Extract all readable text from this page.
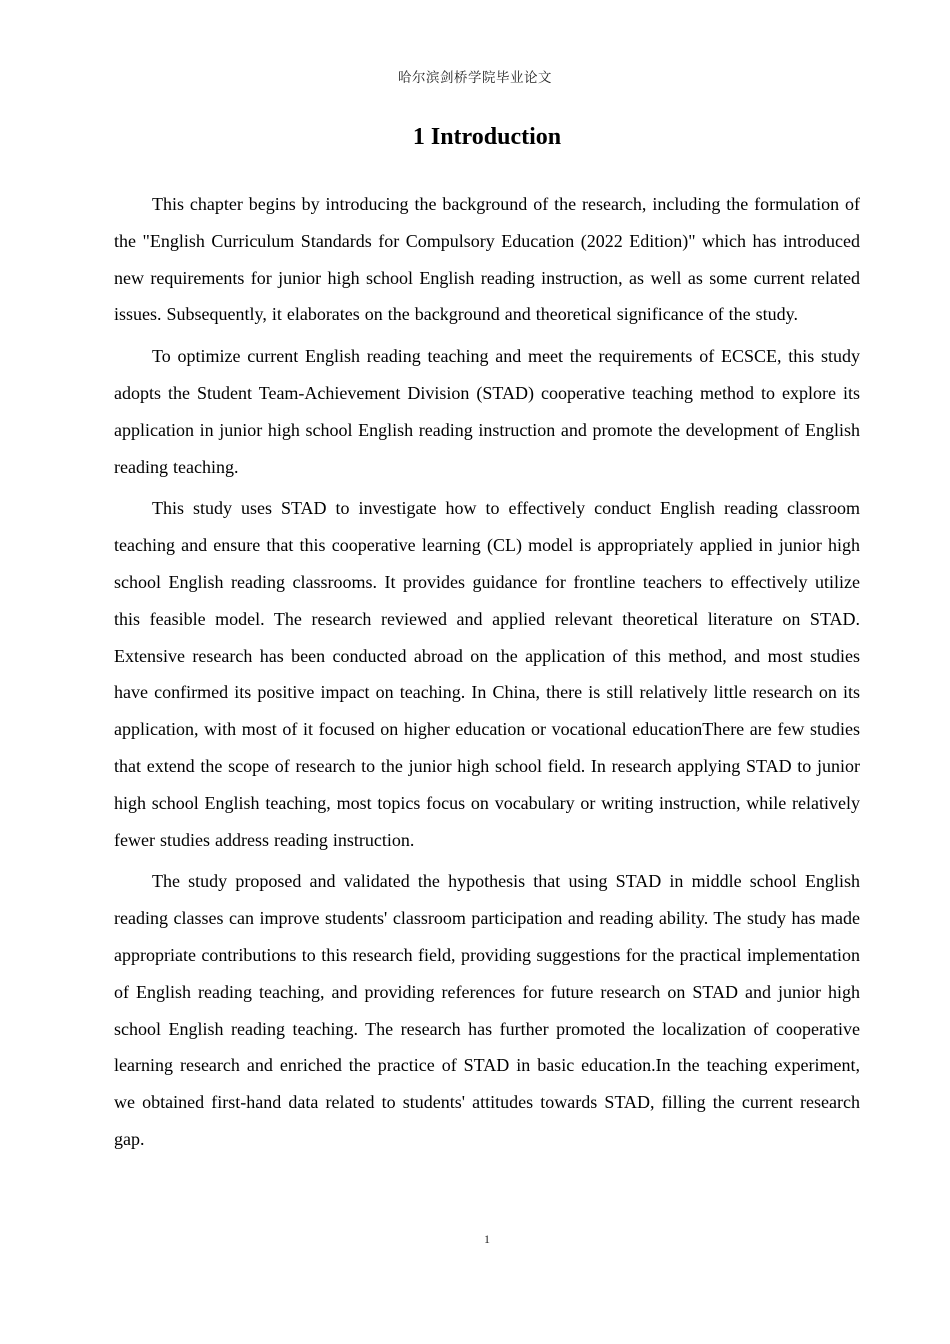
哈尔滨剑桥学院毕业论文
1 Introduction

This chapter begins by introducing the background of the research, including the formulation of the "English Curriculum Standards for Compulsory Education (2022 Edition)" which has introduced new requirements for junior high school English reading instruction, as well as some current related issues. Subsequently, it elaborates on the background and theoretical significance of the study.

To optimize current English reading teaching and meet the requirements of ECSCE, this study adopts the Student Team-Achievement Division (STAD) cooperative teaching method to explore its application in junior high school English reading instruction and promote the development of English reading teaching.

This study uses STAD to investigate how to effectively conduct English reading classroom teaching and ensure that this cooperative learning (CL) model is appropriately applied in junior high school English reading classrooms. It provides guidance for frontline teachers to effectively utilize this feasible model. The research reviewed and applied relevant theoretical literature on STAD. Extensive research has been conducted abroad on the application of this method, and most studies have confirmed its positive impact on teaching. In China, there is still relatively little research on its application, with most of it focused on higher education or vocational educationThere are few studies that extend the scope of research to the junior high school field. In research applying STAD to junior high school English teaching, most topics focus on vocabulary or writing instruction, while relatively fewer studies address reading instruction.

The study proposed and validated the hypothesis that using STAD in middle school English reading classes can improve students' classroom participation and reading ability. The study has made appropriate contributions to this research field, providing suggestions for the practical implementation of English reading teaching, and providing references for future research on STAD and junior high school English reading teaching. The research has further promoted the localization of cooperative learning research and enriched the practice of STAD in basic education.In the teaching experiment, we obtained first-hand data related to students' attitudes towards STAD, filling the current research gap.

1
